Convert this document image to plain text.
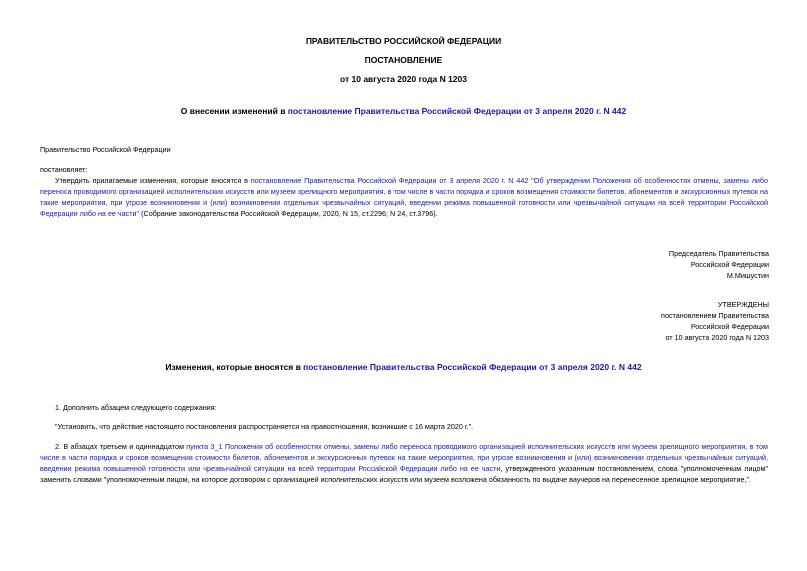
ПРАВИТЕЛЬСТВО РОССИЙСКОЙ ФЕДЕРАЦИИ
ПОСТАНОВЛЕНИЕ
от 10 августа 2020 года N 1203
О внесении изменений в постановление Правительства Российской Федерации от 3 апреля 2020 г. N 442
Правительство Российской Федерации
постановляет:
Утвердить прилагаемые изменения, которые вносятся в постановление Правительства Российской Федерации от 3 апреля 2020 г. N 442 "Об утверждении Положения об особенностях отмены, замены либо переноса проводимого организацией исполнительских искусств или музеем зрелищного мероприятия, в том числе в части порядка и сроков возмещения стоимости билетов, абонементов и экскурсионных путевок на такие мероприятия, при угрозе возникновения и (или) возникновении отдельных чрезвычайных ситуаций, введении режима повышенной готовности или чрезвычайной ситуации на всей территории Российской Федерации либо на ее части" (Собрание законодательства Российской Федерации, 2020, N 15, ст.2296; N 24, ст.3796).
Председатель Правительства
Российской Федерации
М.Мишустин
УТВЕРЖДЕНЫ
постановлением Правительства
Российской Федерации
от 10 августа 2020 года N 1203
Изменения, которые вносятся в постановление Правительства Российской Федерации от 3 апреля 2020 г. N 442
1. Дополнить абзацем следующего содержания:
"Установить, что действие настоящего постановления распространяется на правоотношения, возникшие с 16 марта 2020 г.".
2. В абзацах третьем и одиннадцатом пункта 3_1 Положения об особенностях отмены, замены либо переноса проводимого организацией исполнительских искусств или музеем зрелищного мероприятия, в том числе в части порядка и сроков возмещения стоимости билетов, абонементов и экскурсионных путевок на такие мероприятия, при угрозе возникновения и (или) возникновении отдельных чрезвычайных ситуаций, введении режима повышенной готовности или чрезвычайной ситуации на всей территории Российской Федерации либо на ее части, утвержденного указанным постановлением, слова "уполномоченным лицом" заменить словами "уполномоченным лицом, на которое договором с организацией исполнительских искусств или музеем возложена обязанность по выдаче ваучеров на перенесенное зрелищное мероприятие,".
